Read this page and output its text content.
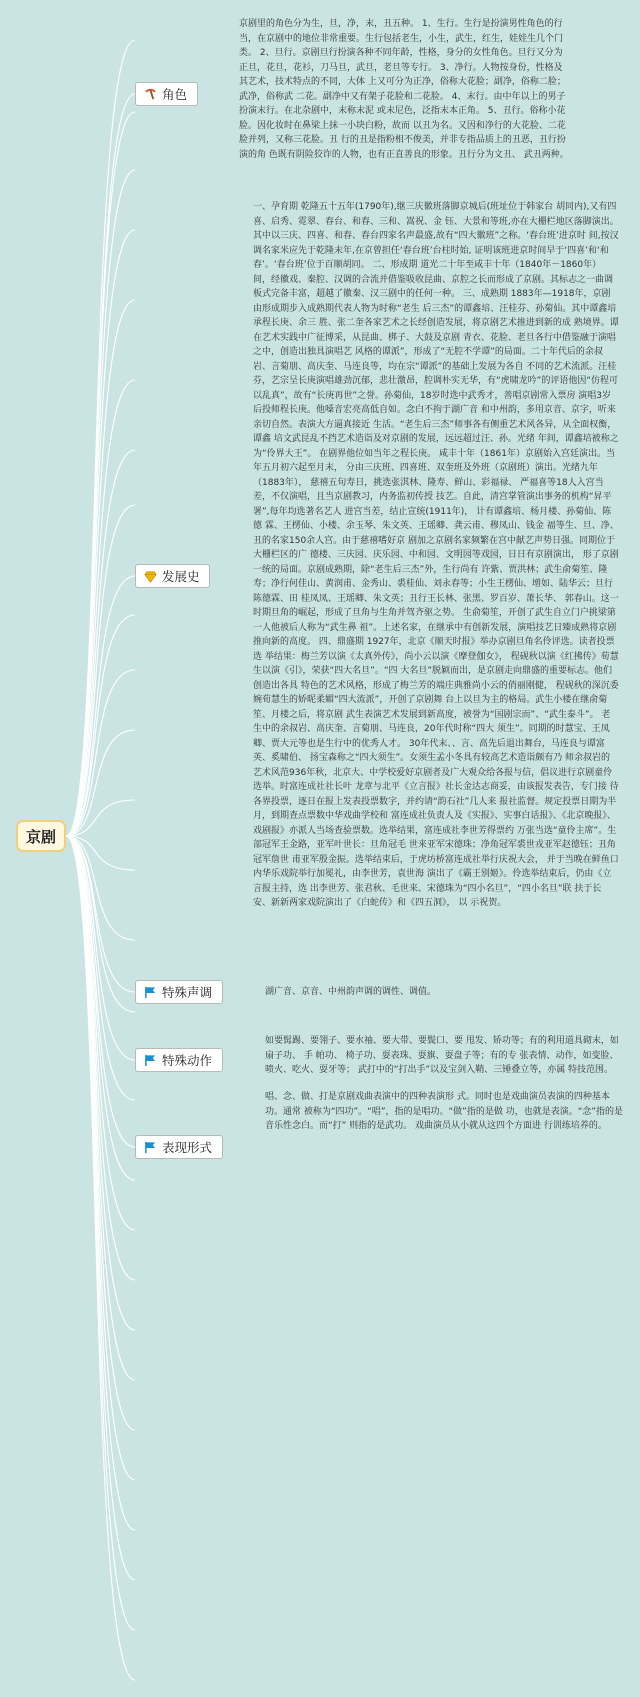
京剧
角色

京剧里的角色分为生，旦，净，末，丑五种。 1、生行。生行是扮演男性角色的行当，在京剧中的地位非常重要。生行包括老生，小生，武生，红生，娃娃生几个门类。 2、旦行。京剧旦行扮演各种不同年龄，性格，身分的女性角色。旦行又分为正旦，花旦，花衫，刀马旦，武旦，老旦等专行。 3、净行。人物按身份，性格及其艺术，技术特点的不同，大体 上又可分为正净，俗称大花脸；副净，俗称二脸；武净，俗称武 二花。副净中又有架子花脸和二花脸。 4、末行。由中年以上的男子扮演末行。在北杂剧中，末称末泥 或末尼色，泛指末本正角。 5、丑行。俗称小花脸。因化妆时在鼻梁上抹一小块白粉，故而 以丑为名。又因和净行的大花脸、二花脸并列，又称三花脸。丑 行的丑是指粉相不俊美，并非专指品质上的丑恶，丑行扮演的角 色既有阴险狡诈的人物，也有正直善良的形象。丑行分为文丑、 武丑两种。

发展史

一、孕育期 乾隆五十五年(1790年),继三庆徽班落脚京城后(班址位于韩家台 胡同内),又有四喜、启秀、霓翠、春台、和春、三和、嵩祝、金 钰、大景和等班,亦在大栅栏地区落脚演出。其中以三庆、四喜、和春、春台四家名声最盛,故有“四大徽班”之称。‘春台班’进京时 间,按汉调名家米应先于乾隆末年,在京曾担任‘春台班’台柱时始, 证明该班进京时间早于‘四喜’和‘和春’。‘春台班’位于百顺胡同。 二、形成期 道光二十年至咸丰十年（1840年－1860年）间，经徽戏、秦腔、汉调的合流并借鉴吸收昆曲、京腔之长而形成了京剧。其标志之一曲调板式完备丰富，超越了徽秦、汉三剧中的任何一种。 三、成熟期 1883年—1918年，京剧由形成期步入成熟期代表人物为时称“老生 后三杰”的谭鑫培、汪桂芬、孙菊仙。其中谭鑫培承程长庚、余三 胜、张二奎各家艺术之长经创造发展，将京剧艺术推进到新的成 熟境界。谭在艺术实践中广征博采，从昆曲、梆子、大鼓及京剧 青衣、花脸、老旦各行中借鉴融于演唱之中，创造出独具演唱艺 风格的谭派”，形成了“无腔不学谭”的局面。二十年代后的余叔岩、言菊朋、高庆奎、马连良等，均在宗“谭派”的基础上发展为各自 不同的艺术流派。汪桂芬，艺宗呈长庚演唱雄劲沉郁，悲壮激昂，腔调朴实无华，有“虎啸龙吟”的评语他因“仿程可以乱真”，故有“长庚再世”之誉。孙菊仙，18岁时选中武秀才，善唱京剧常入票房 演唱3岁后投师程长庚。他嗓音宏亮高低自如。念白不拘于湖广音 和中州韵，多用京音、京字，听来亲切自然。表演大方逼真接近 生活。“老生后三杰”师事各有侧重艺术风各异，从全面权衡，谭鑫 培文武昆乱不挡艺术造诣及对京剧的发展，远远超过汪、孙。光绪 年间，谭鑫培被称之为“伶界大王”。 在剧界他位如当年之程长庚。 咸丰十年（1861年）京剧始入宫廷演出。当年五月初六起至月末， 分由三庆班、四喜班、双奎班及外班（京剧班）演出。光绪九年 （1883年）， 慈禧五旬寿日，挑选张淇林、隆寿、鲜山、彩福禄、 严福喜等18人入宫当差，不仅演唱，且当京剧教习，内务监初传授 技艺。自此，清宫掌管演出事务的机构“昇平署”,每年均选著名艺人 进宫当差，结止宣统(1911年)， 计有谭鑫培、杨月楼、孙菊仙、陈德 霖、王楞仙、小楼、余玉琴、朱文英、王瑶卿、龚云甫、穆凤山、钱金 福等生、旦、净、丑的名家150余人宫。由于慈禧嗜好京 剧加之京剧名家频繁在宫中献艺声势日强。同期位于大栅栏区的广 德楼、三庆园、庆乐园、中和园、文明园等戏园，日日有京剧演出， 形了京剧一统的局面。京剧成熟期，除“老生后三杰”外，生行尚有 许紫、贾洪林；武生俞菊笙、隆寿；净行何佳山、黄润甫、金秀山、裘桂仙、刘永春等；小生王楞仙、增如、陆华云；旦行陈德霖、田 桂凤凤、王瑶卿、朱文英；丑行王长林、张黑、罗百岁、萧长华、 郭春山。这一时期旦角的崛起，形成了旦角与生角并驾齐驱之势。 生俞菊笙，开创了武生自立门户挑梁第一人他被后人称为“武生鼻 祖”。上述名家，在继承中有创新发展，演唱技艺日臻成熟将京剧 推向新的高度。 四、鼎盛期 1927年，北京《顺天时报》举办京剧旦角名伶评选。读者投票选 举结果：梅兰芳以演《太真外传》，尚小云以演《摩登伽女》， 程砚秋以演《红拂传》荀慧生以演《引》，荣获“四大名旦”。“四 大名旦”脱颖而出，是京剧走向鼎盛的重要标志。他们创造出各具 特色的艺术风格，形成了梅兰芳的端庄典雅尚小云的俏丽刚健， 程砚秋的深沉委婉荀慧生的娇昵柔媚“四大流派”，开创了京剧舞 台上以旦为主的格局。武生小楼在继俞菊笙、月楼之后，将京剧 武生表演艺术发展到新高度，被誉为“国剧宗而”、“武生泰斗”。 老生中的余叔岩、高庆奎、言菊朋、马连良，20年代时称“四大 须生”。同期的时慧宝、王凤卿、贾大元等也是生行中的优秀人才。 30年代末、、言、高先后退出舞台，马连良与谭富英、奚啸伯、 扬宝森称之“四大须生”。女须生孟小冬具有较高艺术造诣颇有乃 师余叔岩的艺术风范936年秋，北京大、中学校爱好京剧者及广大观众给各报与信，倡议进行京剧童伶选举。时富连成社社长叶 龙章与北平《立言报》社长金达志商妥，由该报发表告，专门接 待各界投票，逐日在报上发表投票数字，并约请“韵石社”几人来 报社监督。规定投票日期为半月，到期查点票数中华戏曲学校和 富连成社负责人及《实报》、实事白话报》、《北京晚报》、戏剧报》亦派人当场查验票数。选举结果，富连成社李世芳得票约 万张当选“童伶主席”。生部冠军王金路，亚军叶世长：旦角冠毛 世来亚军宋德珠；净角冠军裘世戎亚军赵德钰；丑角冠军詹世 甫亚军殷金振。选举结束后，于虎坊桥富连成社举行庆祝大会， 并于当晚在鲜鱼口内华乐戏院举行加冕礼，由李世芳，袁世海 演出了《霸王别姬》。伶选举结束后，仍由《立言报主持，选 出李世芳、张君秋、毛世来、宋德珠为“四小名旦”，“四小名旦”联 扶于长安、新新两家戏院演出了《白蛇传》和《四五洞》， 以 示祝贺。

特殊声调	湖广音、京音、中州韵声调的调性、调值。

特殊动作

如要髯踢、要翎子、要水袖、要大带、要鬓口、要 甩发、矫功等；有的利用道具砌末，如扇子功、 手 帕功、 椅子功、耍表珠、耍旗、耍盘子等；有的专 张表情、动作，如变脸、喷火、吃火、耍牙等； 武打中的“打出手”以及宝剑入鞘、三锤叠立等，亦属 特技范围。

表现形式

唱、念、做、打是京剧戏曲表演中的四种表演形 式。同时也是戏曲演员表演的四种基本功。通常 被称为“四功”。“唱”，指的是唱功。“做”指的是做 功，也就是表演。“念”指的是音乐性念白。而“打” 则指的是武功。 戏曲演员从小就从这四个方面进 行训练培养的。
